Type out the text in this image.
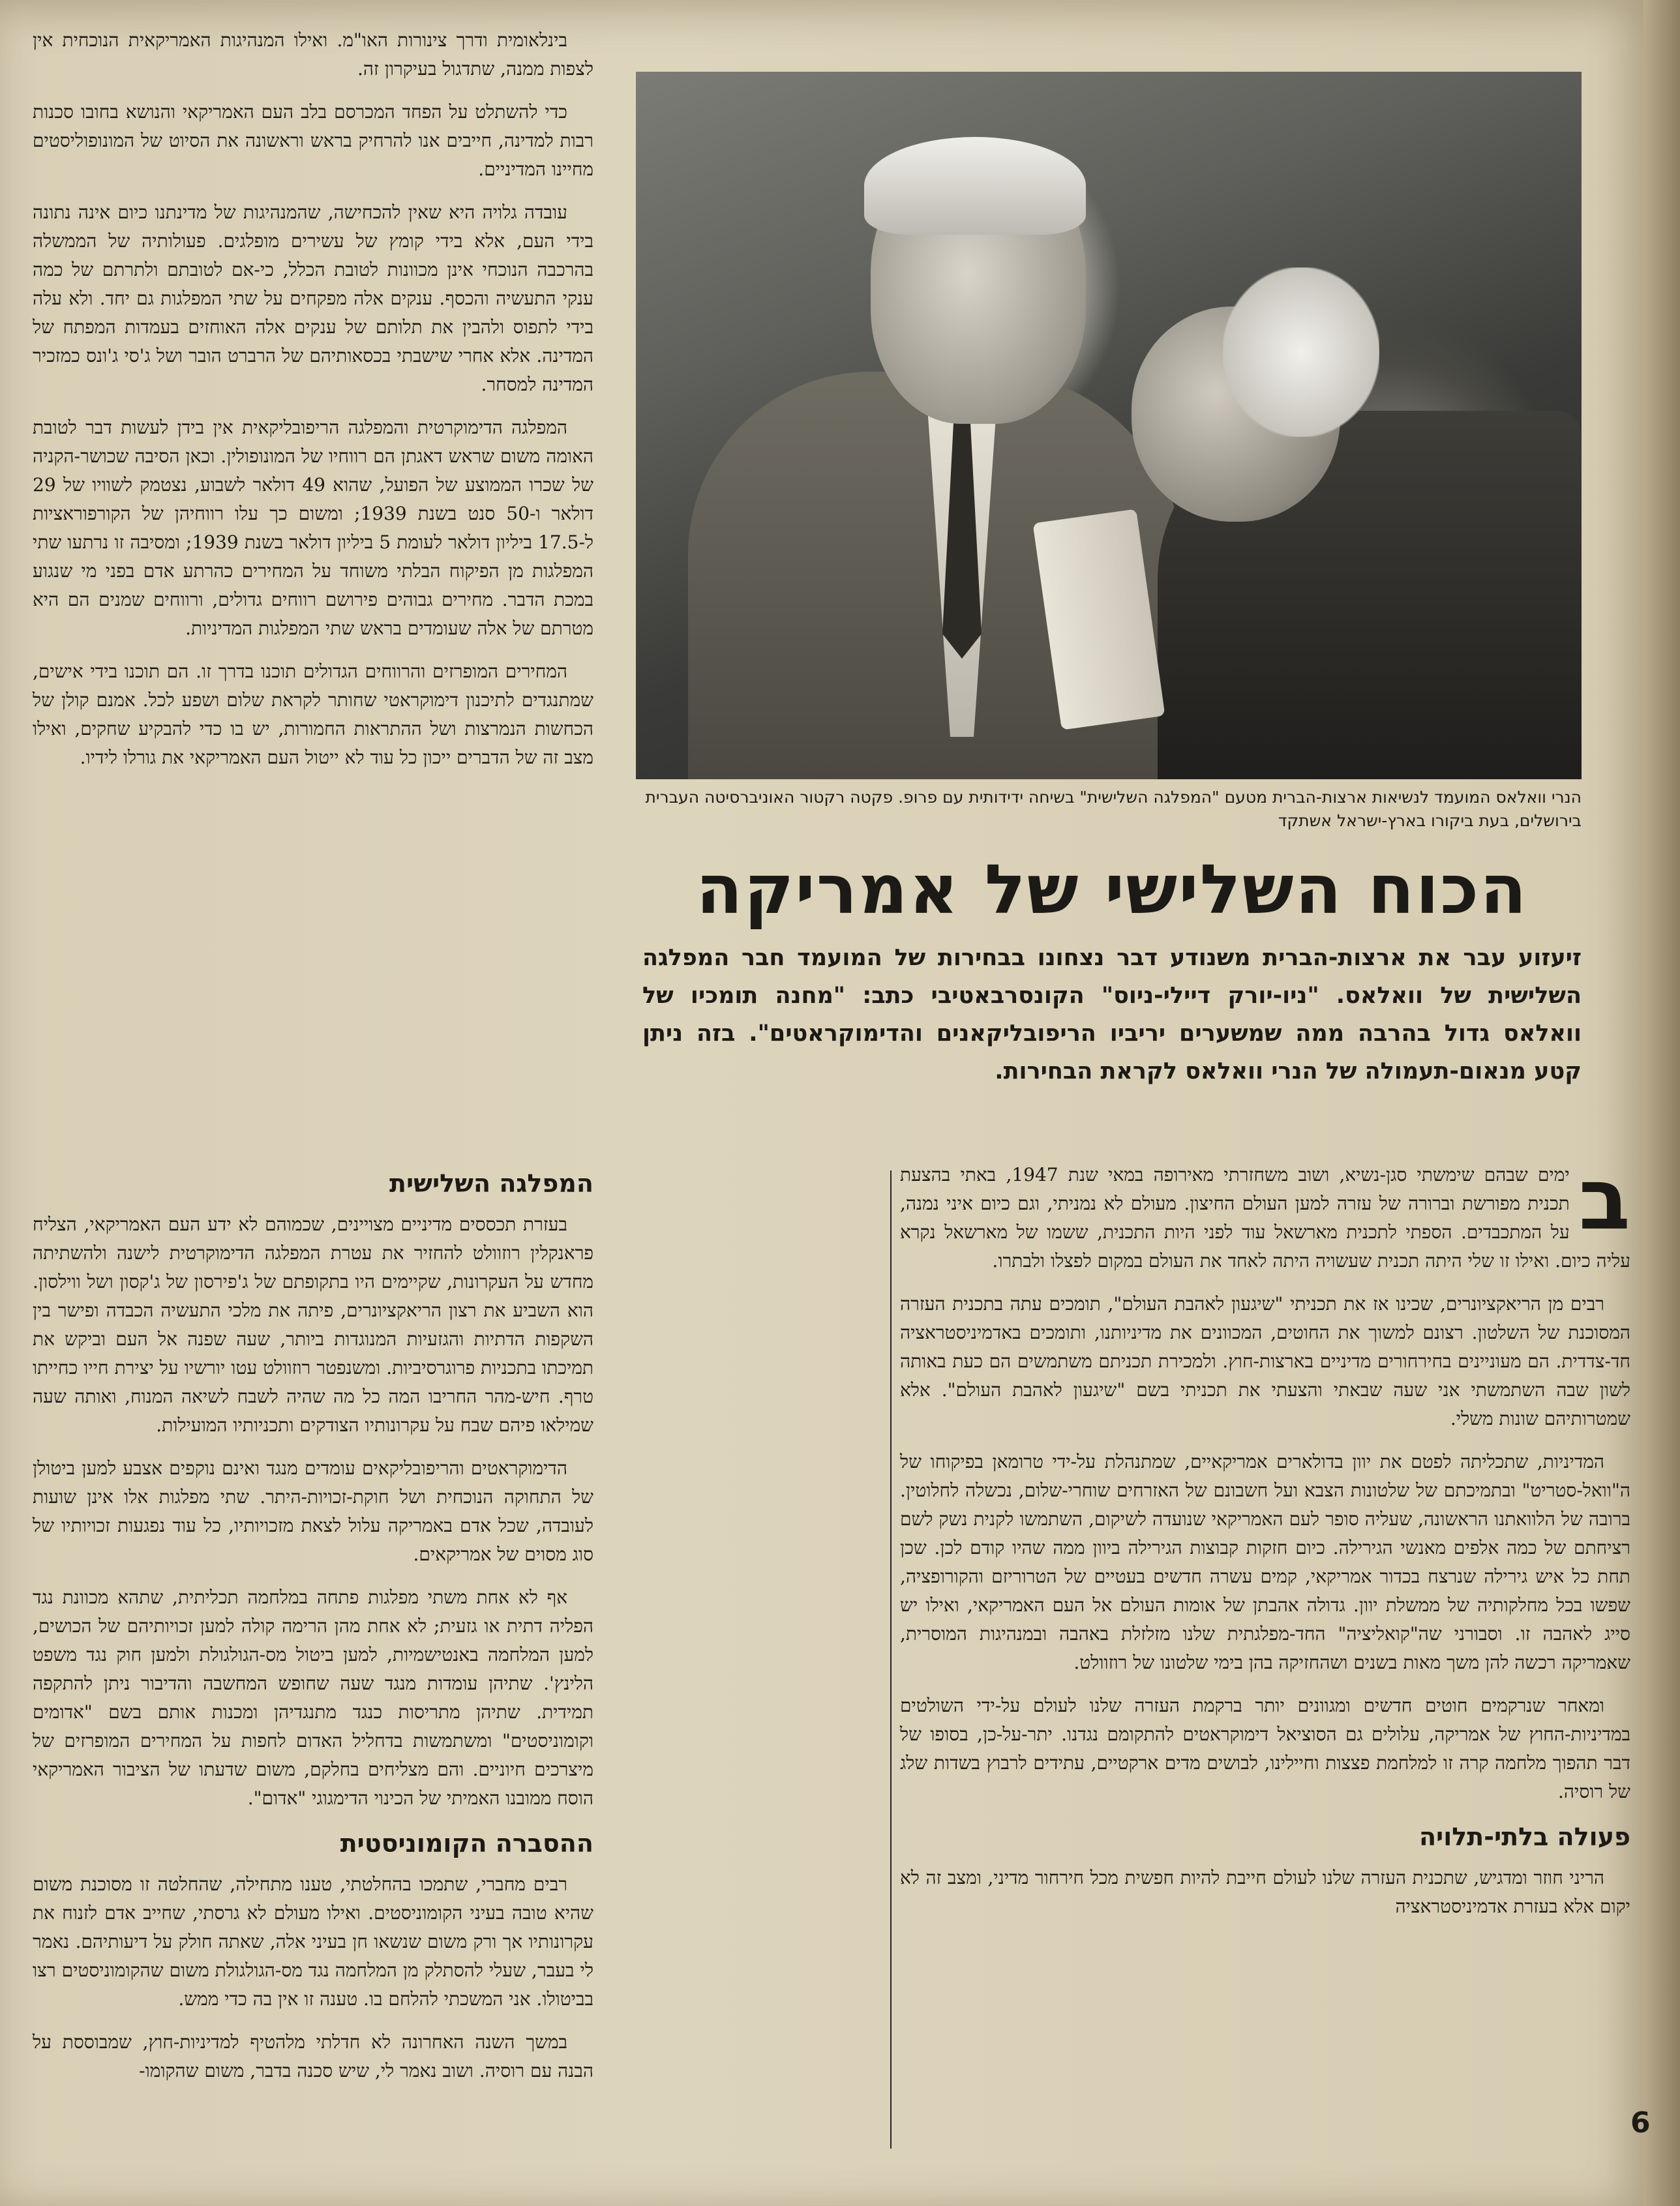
בינלאומית ודרך צינורות האו"מ. ואילו המנהיגות האמריקאית הנוכחית אין לצפות ממנה, שתדגול בעיקרון זה.

כדי להשתלט על הפחד המכרסם בלב העם האמריקאי והנושא בחובו סכנות רבות למדינה, חייבים אנו להרחיק בראש וראשונה את הסיוט של המונופוליסטים מחיינו המדיניים.

עובדה גלויה היא שאין להכחישה, שהמנהיגות של מדינתנו כיום אינה נתונה בידי העם, אלא בידי קומץ של עשירים מופלגים. פעולותיה של הממשלה בהרכבה הנוכחי אינן מכוונות לטובת הכלל, כי-אם לטובתם ולתרתם של כמה ענקי התעשיה והכסף. ענקים אלה מפקחים על שתי המפלגות גם יחד. ולא עלה בידי לתפוס ולהבין את תלותם של ענקים אלה האוחזים בעמדות המפתח של המדינה. אלא אחרי שישבתי בכסאותיהם של הרברט הובר ושל ג'סי ג'ונס כמזכיר המדינה למסחר.

המפלגה הדימוקרטית והמפלגה הריפובליקאית אין בידן לעשות דבר לטובת האומה משום שראש דאגתן הם רווחיו של המונופולין. וכאן הסיבה שכושר-הקניה של שכרו הממוצע של הפועל, שהוא 49 דולאר לשבוע, נצטמק לשוויו של 29 דולאר ו-50 סנט בשנת 1939; ומשום כך עלו רווחיהן של הקורפוראציות ל-17.5 ביליון דולאר לעומת 5 ביליון דולאר בשנת 1939; ומסיבה זו נרתעו שתי המפלגות מן הפיקוח הבלתי משוחד על המחירים כהרתע אדם בפני מי שנגוע במכת הדבר. מחירים גבוהים פירושם רווחים גדולים, ורווחים שמנים הם היא מטרתם של אלה שעומדים בראש שתי המפלגות המדיניות.

המחירים המופרזים והרווחים הגדולים תוכנו בדרך זו. הם תוכנו בידי אישים, שמתנגדים לתיכנון דימוקראטי שחותר לקראת שלום ושפע לכל. אמנם קולן של הכחשות הנמרצות ושל ההתראות החמורות, יש בו כדי להבקיע שחקים, ואילו מצב זה של הדברים ייכון כל עוד לא ייטול העם האמריקאי את גורלו לידיו.

המפלגה השלישית

בעזרת תכססים מדיניים מצויינים, שכמוהם לא ידע העם האמריקאי, הצליח פראנקלין רוזוולט להחזיר את עטרת המפלגה הדימוקרטית לישנה ולהשתיתה מחדש על העקרונות, שקיימים היו בתקופתם של ג'פירסון של ג'קסון ושל ווילסון. הוא השביע את רצון הריאקציונרים, פיתה את מלכי התעשיה הכבדה ופישר בין השקפות הדתיות והגזעיות המנוגדות ביותר, שעה שפנה אל העם וביקש את תמיכתו בתכניות פרוגרסיביות. ומשנפטר רוזוולט עטו יורשיו על יצירת חייו כחייתו טרף. חיש-מהר החריבו המה כל מה שהיה לשבח לשיאה המנוח, ואותה שעה שמילאו פיהם שבח על עקרונותיו הצודקים ותכניותיו המועילות.

הדימוקראטים והריפובליקאים עומדים מנגד ואינם נוקפים אצבע למען ביטולן של התחוקה הנוכחית ושל חוקת-זכויות-היתר. שתי מפלגות אלו אינן שועות לעובדה, שכל אדם באמריקה עלול לצאת מזכויותיו, כל עוד נפגעות זכויותיו של סוג מסוים של אמריקאים.

אף לא אחת משתי מפלגות פתחה במלחמה תכליתית, שתהא מכוונת נגד הפליה דתית או גזעית; לא אחת מהן הרימה קולה למען זכויותיהם של הכושים, למען המלחמה באנטישמיות, למען ביטול מס-הגולגולת ולמען חוק נגד משפט הלינץ'. שתיהן עומדות מנגד שעה שחופש המחשבה והדיבור ניתן להתקפה תמידית. שתיהן מתריסות כנגד מתנגדיהן ומכנות אותם בשם "אדומים וקומוניסטים" ומשתמשות בדחליל האדום לחפות על המחירים המופרזים של מיצרכים חיוניים. והם מצליחים בחלקם, משום שדעתו של הציבור האמריקאי הוסח ממובנו האמיתי של הכינוי הדימגוגי "אדום".

ההסברה הקומוניסטית

רבים מחברי, שתמכו בהחלטתי, טענו מתחילה, שהחלטה זו מסוכנת משום שהיא טובה בעיני הקומוניסטים. ואילו מעולם לא גרסתי, שחייב אדם לזנוח את עקרונותיו אך ורק משום שנשאו חן בעיני אלה, שאתה חולק על דיעותיהם. נאמר לי בעבר, שעלי להסתלק מן המלחמה נגד מס-הגולגולת משום שהקומוניסטים רצו בביטולו. אני המשכתי להלחם בו. טענה זו אין בה כדי ממש.

במשך השנה האחרונה לא חדלתי מלהטיף למדיניות-חוץ, שמבוססת על הבנה עם רוסיה. ושוב נאמר לי, שיש סכנה בדבר, משום שהקומו-

הנרי וואלאס המועמד לנשיאות ארצות-הברית מטעם "המפלגה השלישית" בשיחה ידידותית עם פרופ. פקטה רקטור האוניברסיטה העברית בירושלים, בעת ביקורו בארץ-ישראל אשתקד
הכוח השלישי של אמריקה
זיעזוע עבר את ארצות-הברית משנודע דבר נצחונו בבחירות של המועמד חבר המפלגה השלישית של וואלאס. "ניו-יורק דיילי-ניוס" הקונסרבאטיבי כתב: "מחנה תומכיו של וואלאס גדול בהרבה ממה שמשערים יריביו הריפובליקאנים והדימוקראטים". בזה ניתן קטע מנאום-תעמולה של הנרי וואלאס לקראת הבחירות.

ב
ימים שבהם שימשתי סגן-נשיא, ושוב משחזרתי מאירופה במאי שנת 1947, באתי בהצעת תכנית מפורשת וברורה של עזרה למען העולם החיצון. מעולם לא נמניתי, וגם כיום איני נמנה, על המתכבדים. הספתי לתכנית מארשאל עוד לפני היות התכנית, ששמו של מארשאל נקרא עליה כיום. ואילו זו שלי היתה תכנית שעשויה היתה לאחד את העולם במקום לפצלו ולבתרו.

רבים מן הריאקציונרים, שכינו אז את תכניתי "שיגעון לאהבת העולם", תומכים עתה בתכנית העזרה המסוכנת של השלטון. רצונם למשוך את החוטים, המכוונים את מדיניותנו, ותומכים באדמיניסטראציה חד-צדדית. הם מעוניינים בחירחורים מדיניים בארצות-חוץ. ולמכירת תכניתם משתמשים הם כעת באותה לשון שבה השתמשתי אני שעה שבאתי והצעתי את תכניתי בשם "שיגעון לאהבת העולם". אלא שמטרותיהם שונות משלי.

המדיניות, שתכליתה לפטם את יוון בדולארים אמריקאיים, שמתנהלת על-ידי טרומאן בפיקוחו של ה"וואל-סטריט" ובתמיכתם של שלטונות הצבא ועל חשבונם של האזרחים שוחרי-שלום, נכשלה לחלוטין. ברובה של הלוואתנו הראשונה, שעליה סופר לעם האמריקאי שנועדה לשיקום, השתמשו לקנית נשק לשם רציחתם של כמה אלפים מאנשי הגירילה. כיום חזקות קבוצות הגירילה ביוון ממה שהיו קודם לכן. שכן תחת כל איש גירילה שנרצח בכדור אמריקאי, קמים עשרה חדשים בעטיים של הטרוריזם והקורופציה, שפשו בכל מחלקותיה של ממשלת יוון. גדולה אהבתן של אומות העולם אל העם האמריקאי, ואילו יש סייג לאהבה זו. וסבורני שה"קואליציה" החד-מפלגתית שלנו מזלזלת באהבה ובמנהיגות המוסרית, שאמריקה רכשה להן משך מאות בשנים ושהחזיקה בהן בימי שלטונו של רוזוולט.

ומאחר שנרקמים חוטים חדשים ומגוונים יותר ברקמת העזרה שלנו לעולם על-ידי השולטים במדיניות-החוץ של אמריקה, עלולים גם הסוציאל דימוקראטים להתקומם נגדנו. יתר-על-כן, בסופו של דבר תהפוך מלחמה קרה זו למלחמת פצצות וחיילינו, לבושים מדים ארקטיים, עתידים לרבוץ בשדות שלג של רוסיה.

פעולה בלתי-תלויה

הריני חוזר ומדגיש, שתכנית העזרה שלנו לעולם חייבת להיות חפשית מכל חירחור מדיני, ומצב זה לא יקום אלא בעזרת אדמיניסטראציה

6
